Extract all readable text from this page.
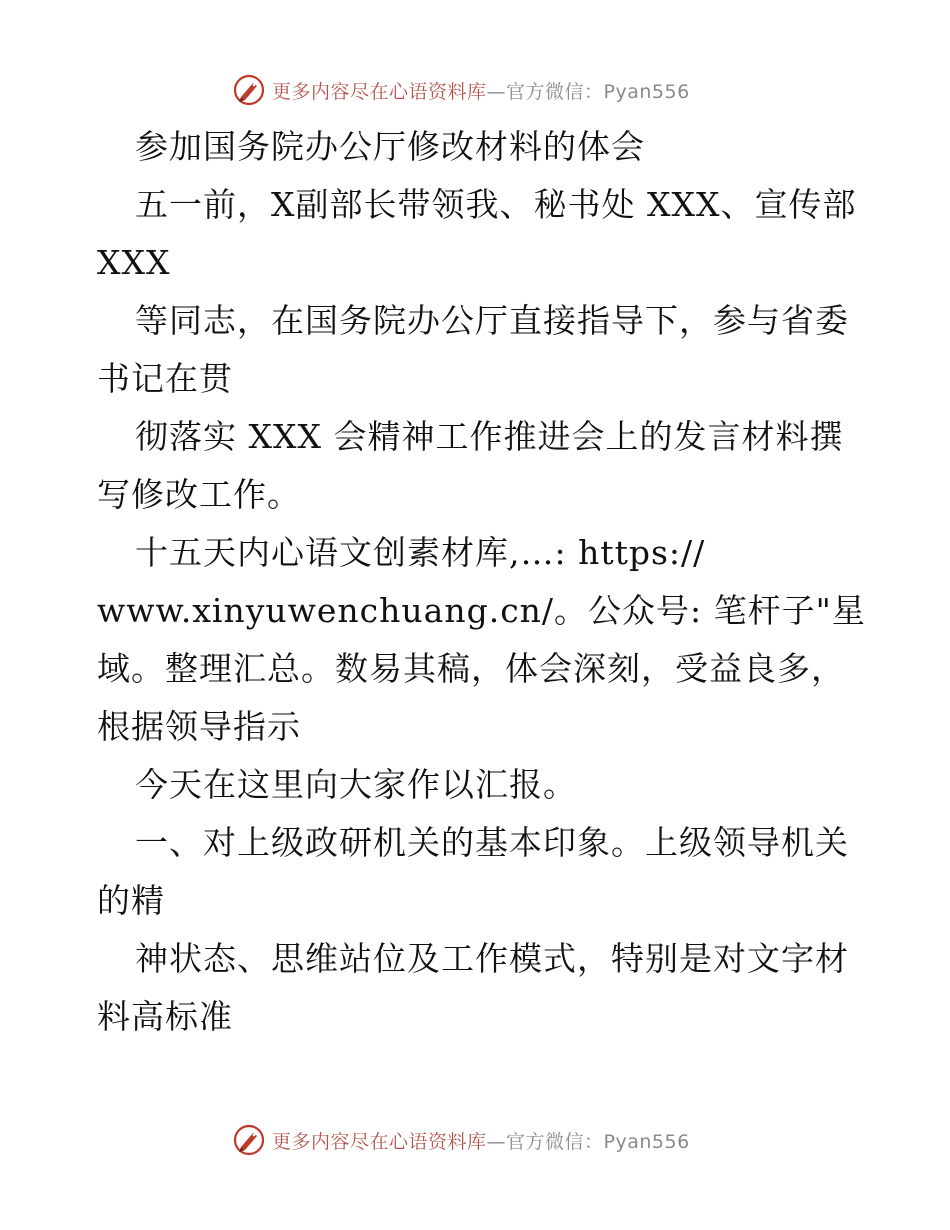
更多内容尽在心语资料库—官方微信：Pyan556
参加国务院办公厅修改材料的体会
五一前，X副部长带领我、秘书处 XXX、宣传部
XXX
等同志，在国务院办公厅直接指导下，参与省委
书记在贯
彻落实 XXX 会精神工作推进会上的发言材料撰
写修改工作。
十五天内心语文创素材库,…: https://
www.xinyuwenchuang.cn/。公众号: 笔杆子"星
域。整理汇总。数易其稿，体会深刻，受益良多，
根据领导指示
今天在这里向大家作以汇报。
一、对上级政研机关的基本印象。上级领导机关
的精
神状态、思维站位及工作模式，特别是对文字材
料高标准
更多内容尽在心语资料库—官方微信：Pyan556
